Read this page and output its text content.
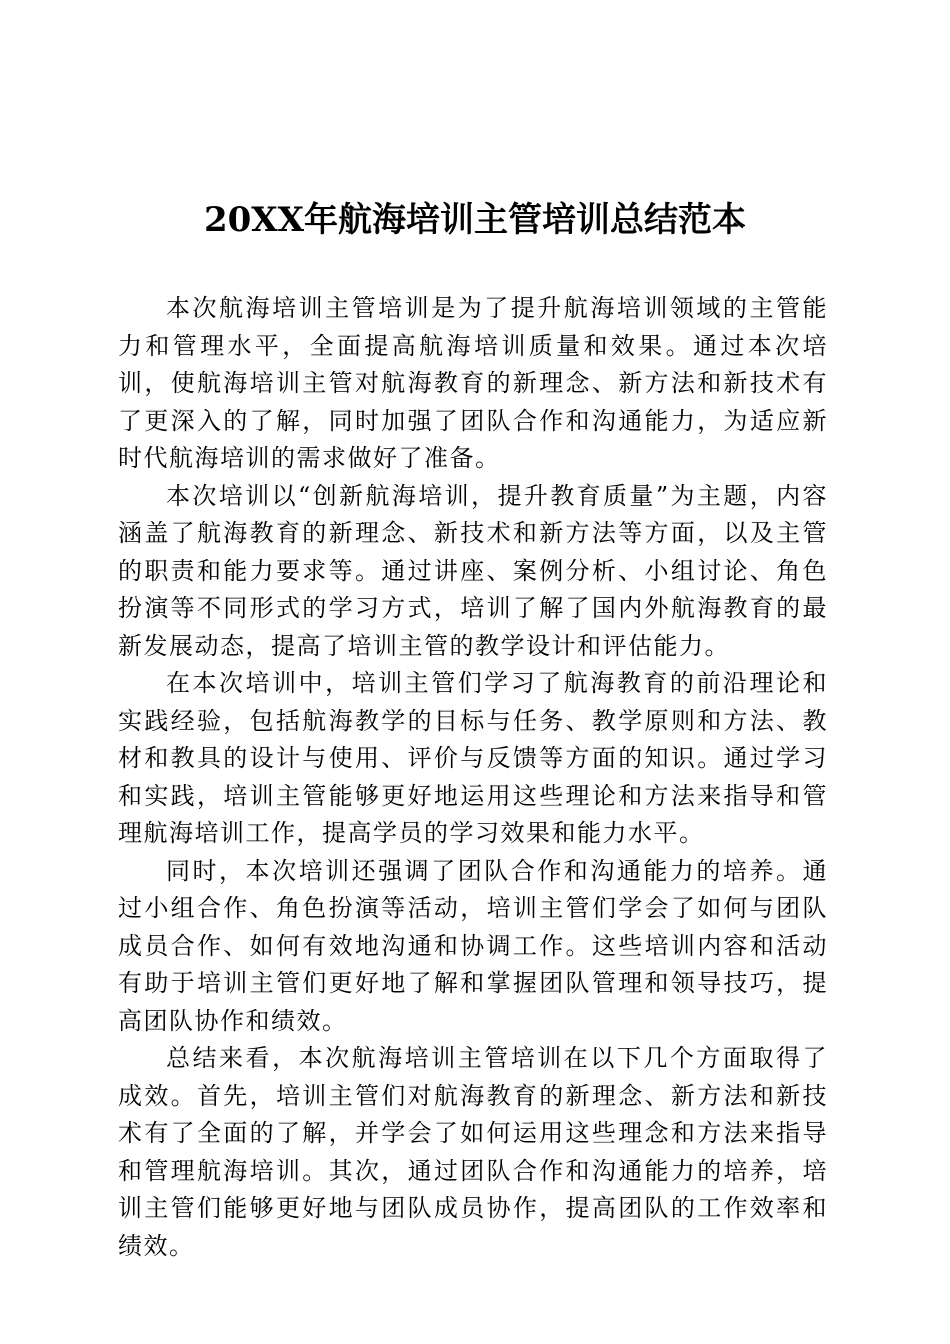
20XX年航海培训主管培训总结范本

本次航海培训主管培训是为了提升航海培训领域的主管能力和管理水平，全面提高航海培训质量和效果。通过本次培训，使航海培训主管对航海教育的新理念、新方法和新技术有了更深入的了解，同时加强了团队合作和沟通能力，为适应新时代航海培训的需求做好了准备。

本次培训以“创新航海培训，提升教育质量”为主题，内容涵盖了航海教育的新理念、新技术和新方法等方面，以及主管的职责和能力要求等。通过讲座、案例分析、小组讨论、角色扮演等不同形式的学习方式，培训了解了国内外航海教育的最新发展动态，提高了培训主管的教学设计和评估能力。

在本次培训中，培训主管们学习了航海教育的前沿理论和实践经验，包括航海教学的目标与任务、教学原则和方法、教材和教具的设计与使用、评价与反馈等方面的知识。通过学习和实践，培训主管能够更好地运用这些理论和方法来指导和管理航海培训工作，提高学员的学习效果和能力水平。

同时，本次培训还强调了团队合作和沟通能力的培养。通过小组合作、角色扮演等活动，培训主管们学会了如何与团队成员合作、如何有效地沟通和协调工作。这些培训内容和活动有助于培训主管们更好地了解和掌握团队管理和领导技巧，提高团队协作和绩效。

总结来看，本次航海培训主管培训在以下几个方面取得了成效。首先，培训主管们对航海教育的新理念、新方法和新技术有了全面的了解，并学会了如何运用这些理念和方法来指导和管理航海培训。其次，通过团队合作和沟通能力的培养，培训主管们能够更好地与团队成员协作，提高团队的工作效率和绩效。
